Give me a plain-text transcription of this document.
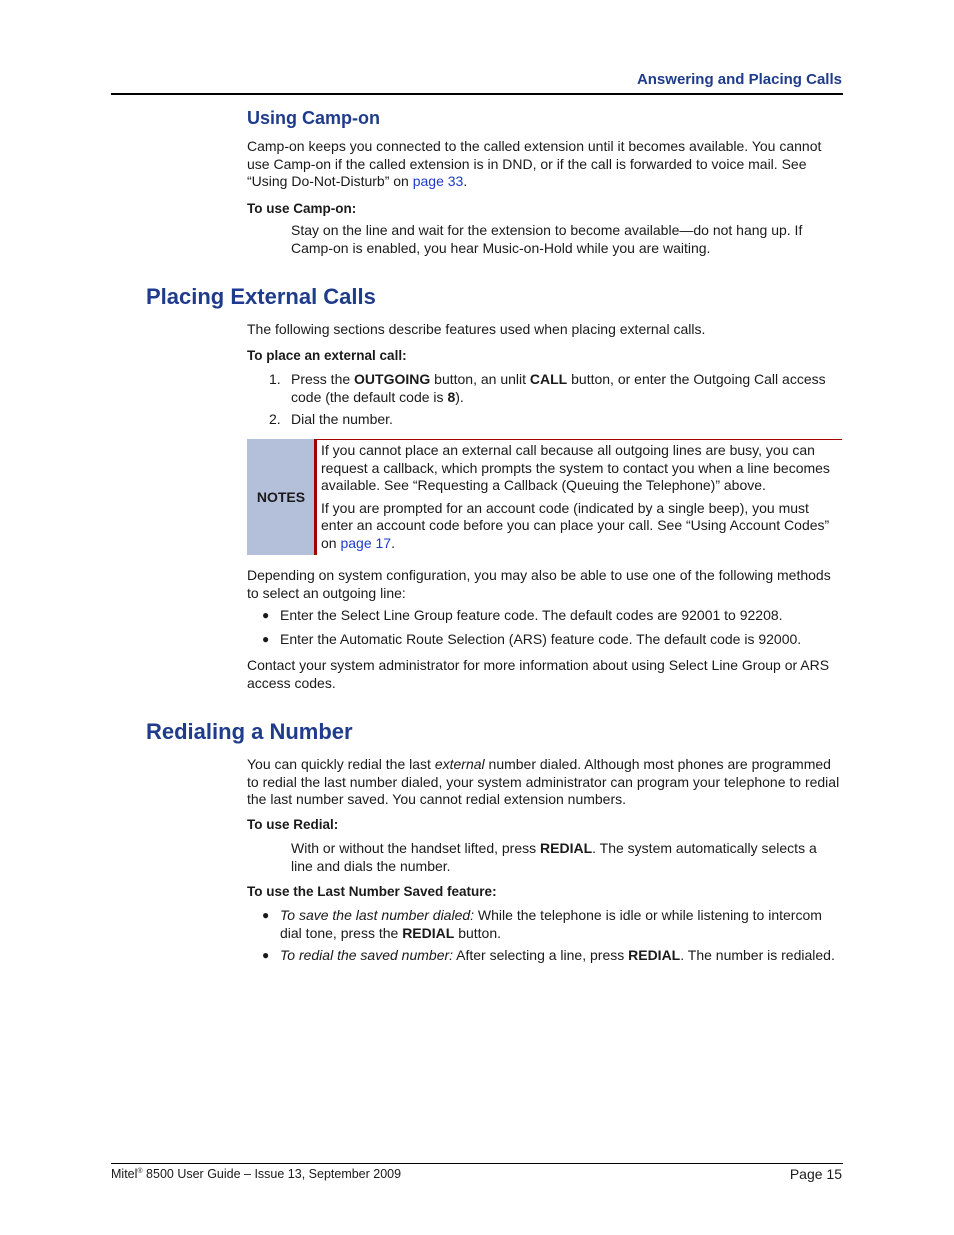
Answering and Placing Calls
Using Camp-on
Camp-on keeps you connected to the called extension until it becomes available. You cannot use Camp-on if the called extension is in DND, or if the call is forwarded to voice mail. See “Using Do-Not-Disturb” on page 33.
To use Camp-on:
Stay on the line and wait for the extension to become available—do not hang up. If Camp-on is enabled, you hear Music-on-Hold while you are waiting.
Placing External Calls
The following sections describe features used when placing external calls.
To place an external call:
1. Press the OUTGOING button, an unlit CALL button, or enter the Outgoing Call access code (the default code is 8).
2. Dial the number.
NOTES
If you cannot place an external call because all outgoing lines are busy, you can request a callback, which prompts the system to contact you when a line becomes available. See “Requesting a Callback (Queuing the Telephone)” above.
If you are prompted for an account code (indicated by a single beep), you must enter an account code before you can place your call. See “Using Account Codes” on page 17.
Depending on system configuration, you may also be able to use one of the following methods to select an outgoing line:
● Enter the Select Line Group feature code. The default codes are 92001 to 92208.
● Enter the Automatic Route Selection (ARS) feature code. The default code is 92000.
Contact your system administrator for more information about using Select Line Group or ARS access codes.
Redialing a Number
You can quickly redial the last external number dialed. Although most phones are programmed to redial the last number dialed, your system administrator can program your telephone to redial the last number saved. You cannot redial extension numbers.
To use Redial:
With or without the handset lifted, press REDIAL. The system automatically selects a line and dials the number.
To use the Last Number Saved feature:
● To save the last number dialed: While the telephone is idle or while listening to intercom dial tone, press the REDIAL button.
● To redial the saved number: After selecting a line, press REDIAL. The number is redialed.
Mitel® 8500 User Guide – Issue 13, September 2009	Page 15
